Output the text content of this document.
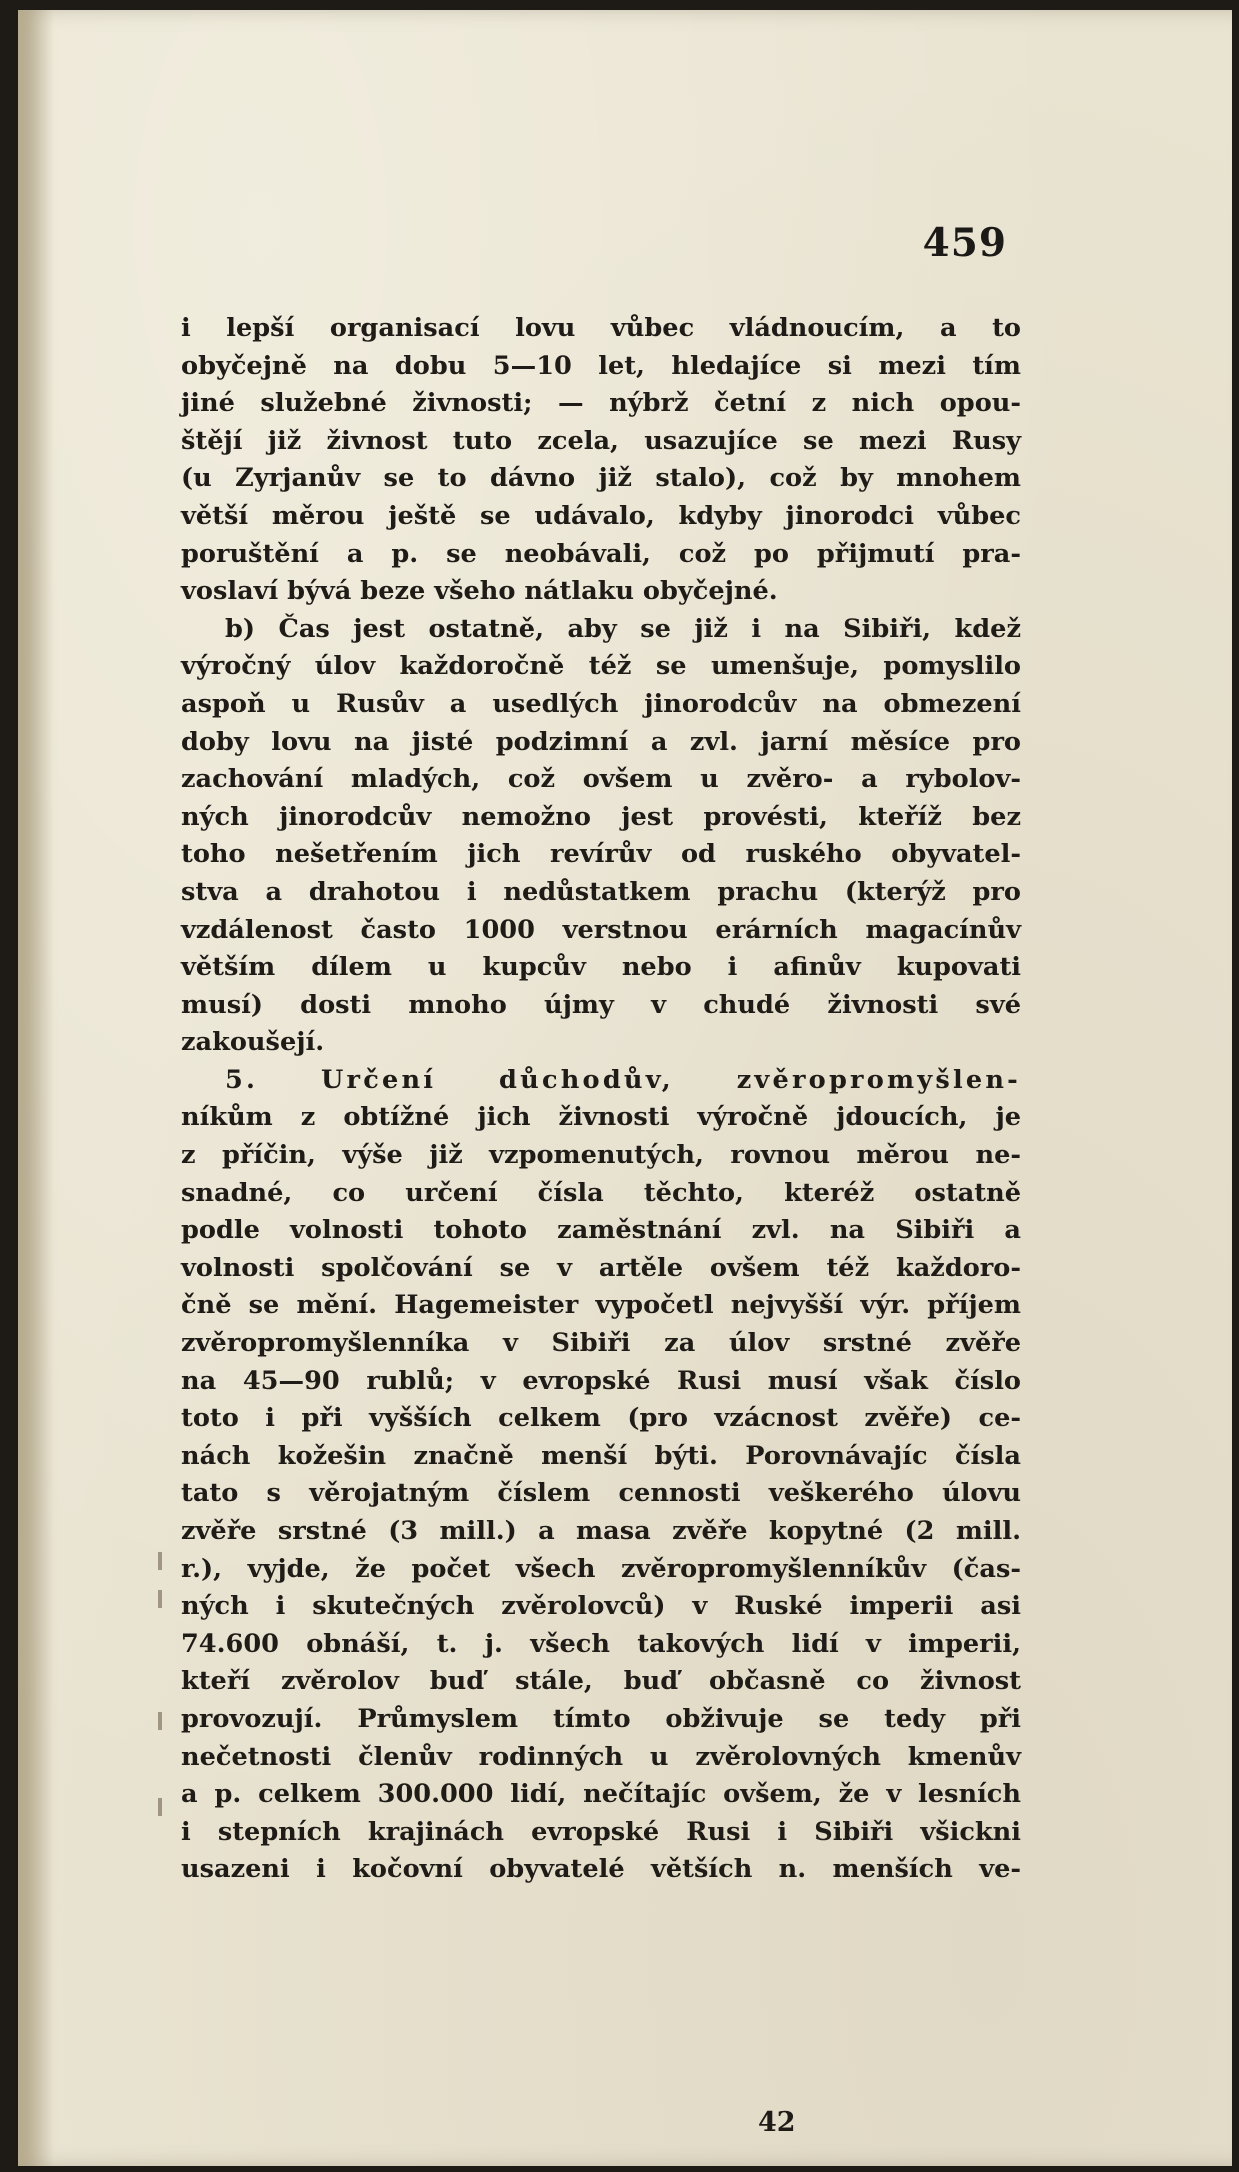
459
i lepší organisací lovu vůbec vládnoucím, a to
obyčejně na dobu 5—10 let, hledajíce si mezi tím
jiné služebné živnosti; — nýbrž četní z nich opou-
štějí již živnost tuto zcela, usazujíce se mezi Rusy
(u Zyrjanův se to dávno již stalo), což by mnohem
větší měrou ještě se udávalo, kdyby jinorodci vůbec
poruštění a p. se neobávali, což po přijmutí pra-
voslaví bývá beze všeho nátlaku obyčejné.
b) Čas jest ostatně, aby se již i na Sibiři, kdež
výročný úlov každoročně též se umenšuje, pomyslilo
aspoň u Rusův a usedlých jinorodcův na obmezení
doby lovu na jisté podzimní a zvl. jarní měsíce pro
zachování mladých, což ovšem u zvěro- a rybolov-
ných jinorodcův nemožno jest provésti, kteříž bez
toho nešetřením jich revírův od ruského obyvatel-
stva a drahotou i nedůstatkem prachu (kterýž pro
vzdálenost často 1000 verstnou erárních magacínův
větším dílem u kupcův nebo i afinův kupovati
musí) dosti mnoho újmy v chudé živnosti své
zakoušejí.
5. Určení důchodův, zvěropromyšlen-
níkům z obtížné jich živnosti výročně jdoucích, je
z příčin, výše již vzpomenutých, rovnou měrou ne-
snadné, co určení čísla těchto, kteréž ostatně
podle volnosti tohoto zaměstnání zvl. na Sibiři a
volnosti spolčování se v artěle ovšem též každoro-
čně se mění. Hagemeister vypočetl nejvyšší výr. příjem
zvěropromyšlenníka v Sibiři za úlov srstné zvěře
na 45—90 rublů; v evropské Rusi musí však číslo
toto i při vyšších celkem (pro vzácnost zvěře) ce-
nách kožešin značně menší býti. Porovnávajíc čísla
tato s věrojatným číslem cennosti veškerého úlovu
zvěře srstné (3 mill.) a masa zvěře kopytné (2 mill.
r.), vyjde, že počet všech zvěropromyšlenníkův (čas-
ných i skutečných zvěrolovců) v Ruské imperii asi
74.600 obnáší, t. j. všech takových lidí v imperii,
kteří zvěrolov buď stále, buď občasně co živnost
provozují. Průmyslem tímto obživuje se tedy při
nečetnosti členův rodinných u zvěrolovných kmenův
a p. celkem 300.000 lidí, nečítajíc ovšem, že v lesních
i stepních krajinách evropské Rusi i Sibiři všickni
usazeni i kočovní obyvatelé větších n. menších ve-
42
